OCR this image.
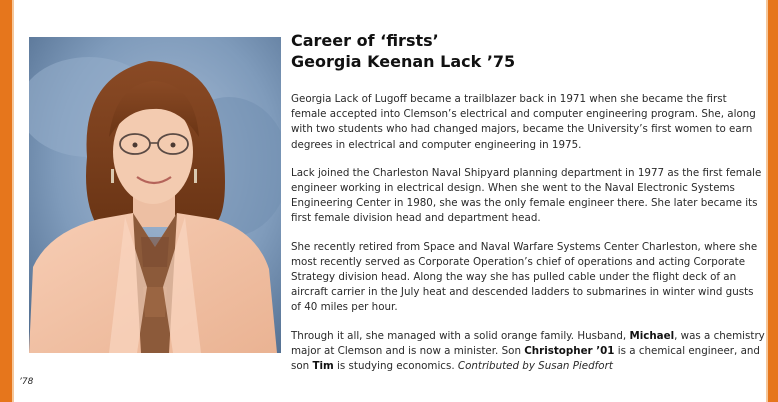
Career of ‘firsts’
Georgia Keenan Lack ’75

Georgia Lack of Lugoff became a trailblazer back in 1971 when she became the first female accepted into Clemson’s electrical and computer engineering program. She, along with two students who had changed majors, became the University’s first women to earn degrees in electrical and computer engineering in 1975.

Lack joined the Charleston Naval Shipyard planning department in 1977 as the first female engineer working in electrical design. When she went to the Naval Electronic Systems Engineering Center in 1980, she was the only female engineer there. She later became its first female division head and department head.

She recently retired from Space and Naval Warfare Systems Center Charleston, where she most recently served as Corporate Operation’s chief of operations and acting Corporate Strategy division head. Along the way she has pulled cable under the flight deck of an aircraft carrier in the July heat and descended ladders to submarines in winter wind gusts of 40 miles per hour.

Through it all, she managed with a solid orange family. Husband, Michael, was a chemistry major at Clemson and is now a minister. Son Christopher ’01 is a chemical engineer, and son Tim is studying economics. Contributed by Susan Piedfort

’78
